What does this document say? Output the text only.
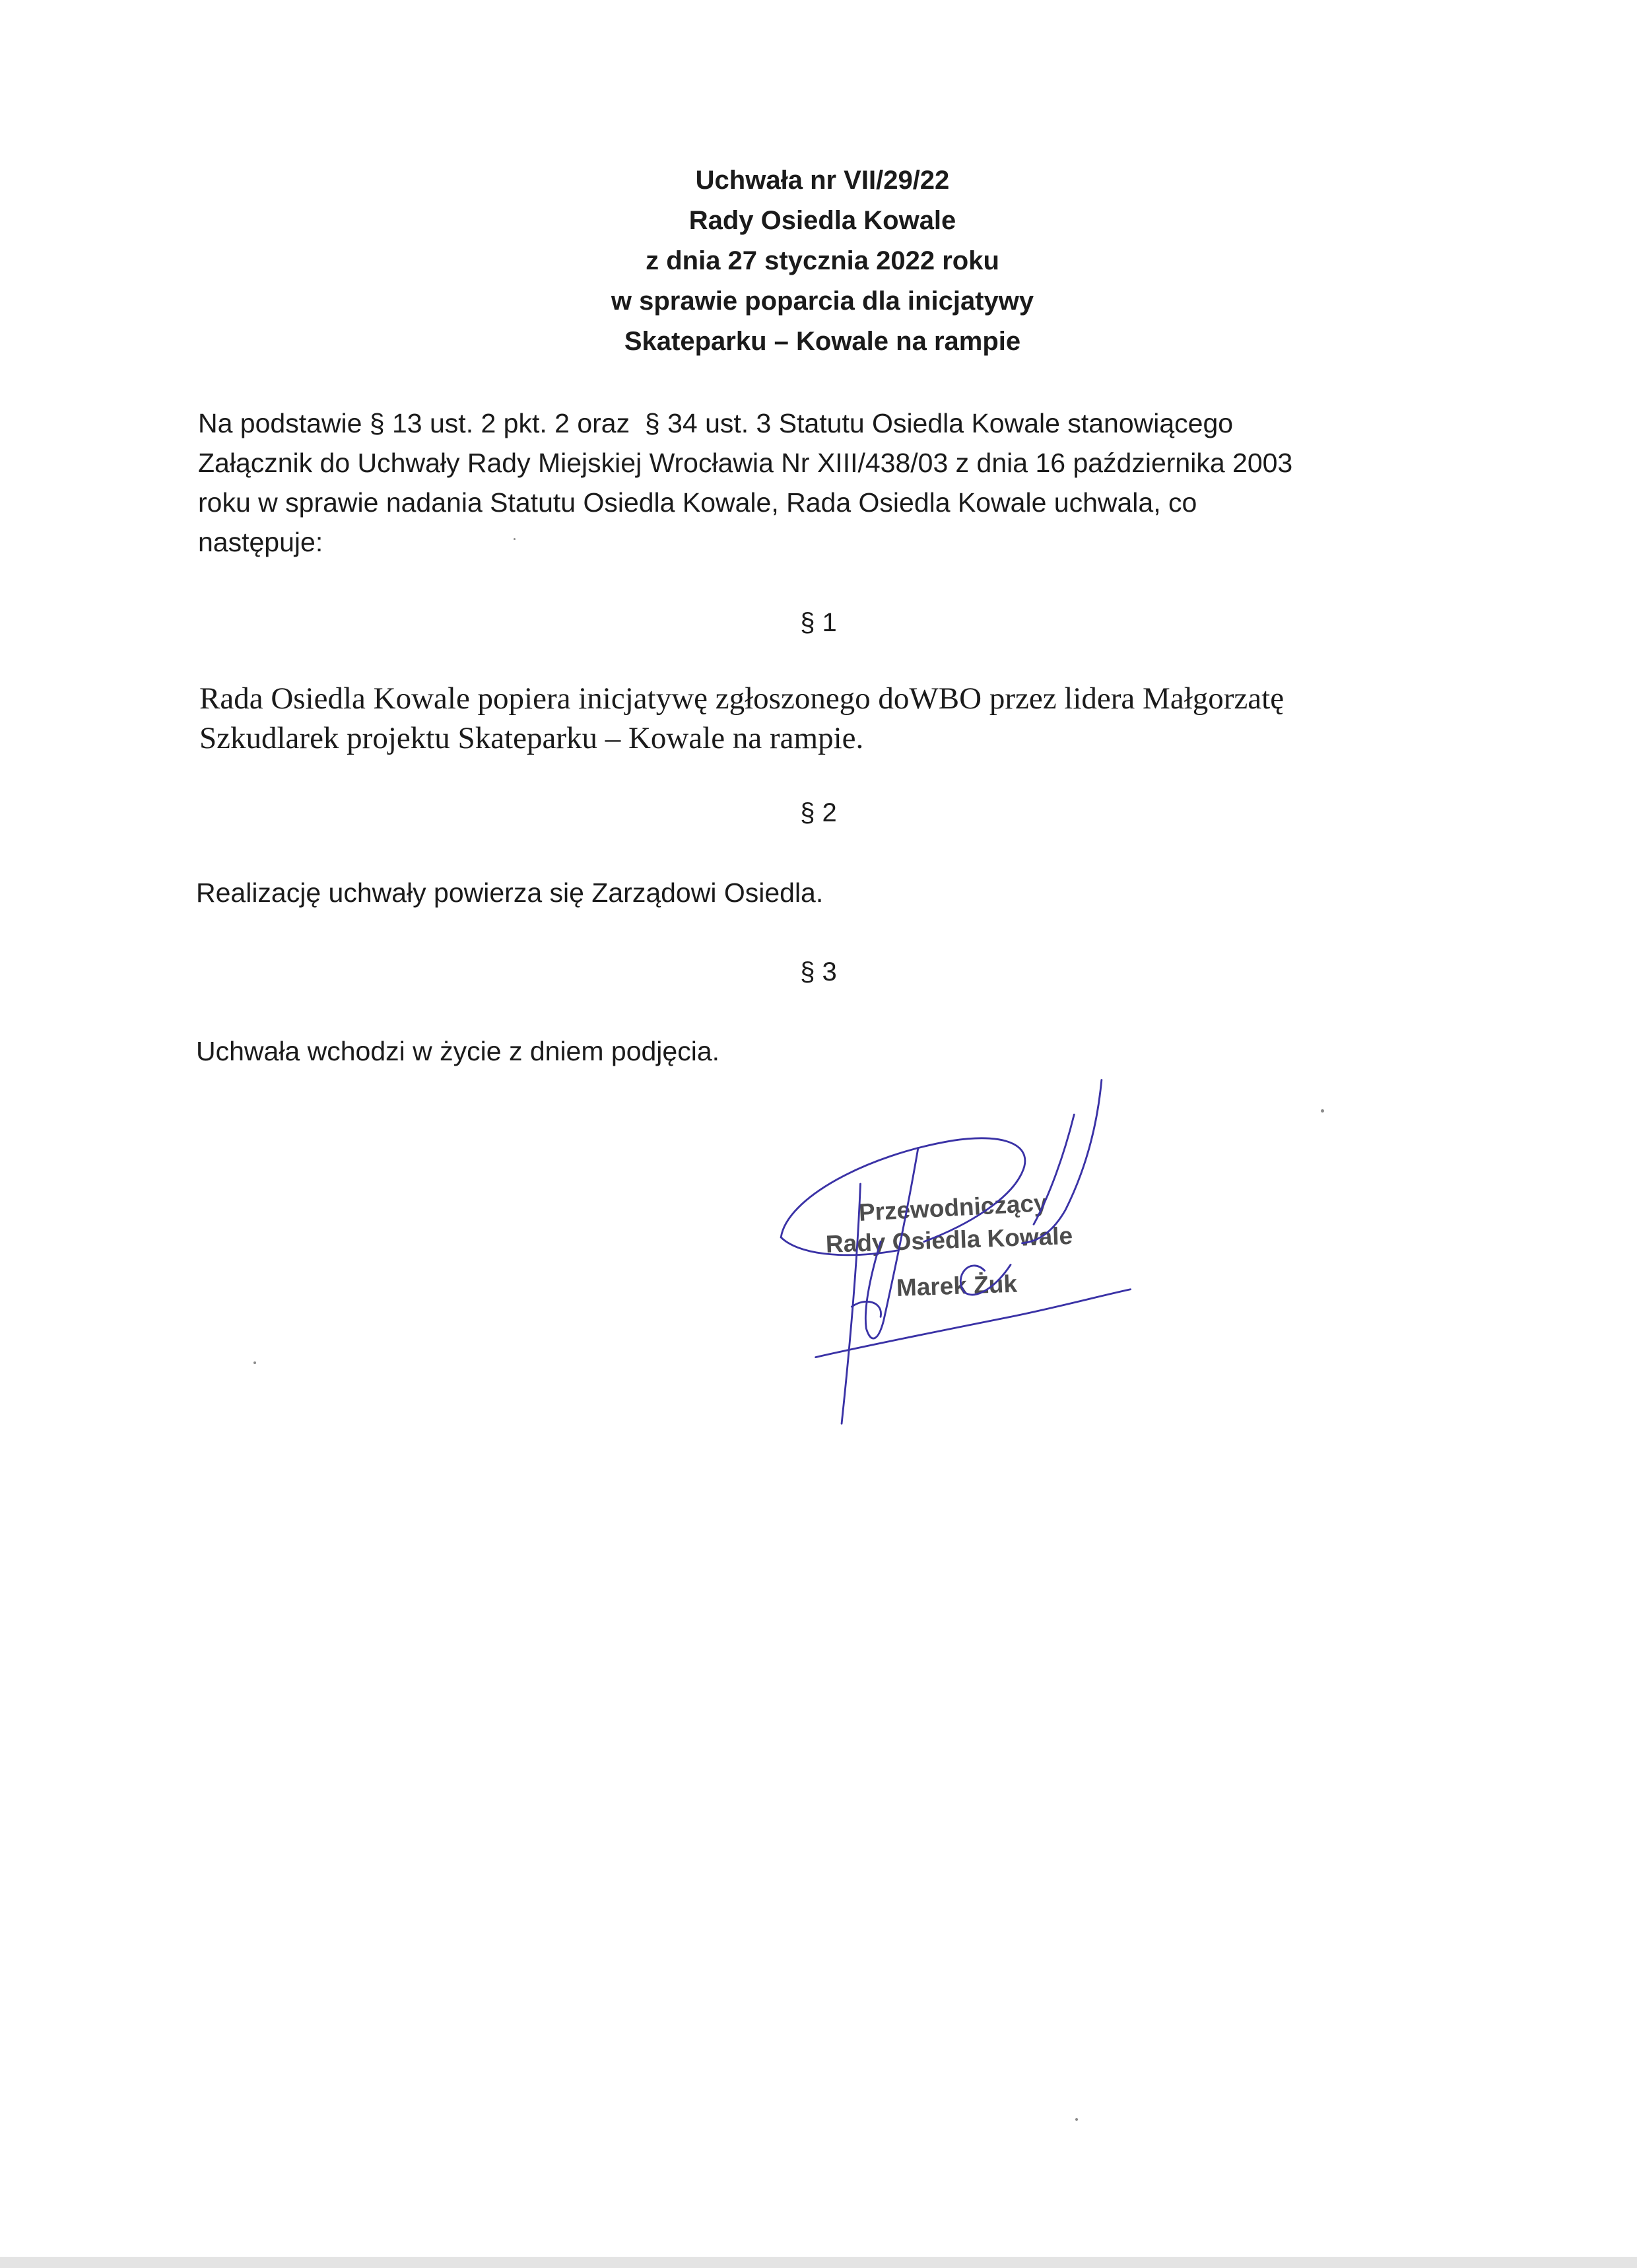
Uchwała nr VII/29/22
Rady Osiedla Kowale
z dnia 27 stycznia 2022 roku
w sprawie poparcia dla inicjatywy
Skateparku – Kowale na rampie
Na podstawie § 13 ust. 2 pkt. 2 oraz  § 34 ust. 3 Statutu Osiedla Kowale stanowiącego
Załącznik do Uchwały Rady Miejskiej Wrocławia Nr XIII/438/03 z dnia 16 października 2003
roku w sprawie nadania Statutu Osiedla Kowale, Rada Osiedla Kowale uchwala, co
następuje:
§ 1
Rada Osiedla Kowale popiera inicjatywę zgłoszonego doWBO przez lidera Małgorzatę
Szkudlarek projektu Skateparku – Kowale na rampie.
§ 2
Realizację uchwały powierza się Zarządowi Osiedla.
§ 3
Uchwała wchodzi w życie z dniem podjęcia.
Przewodniczący
Rady Osiedla Kowale
Marek Żuk
